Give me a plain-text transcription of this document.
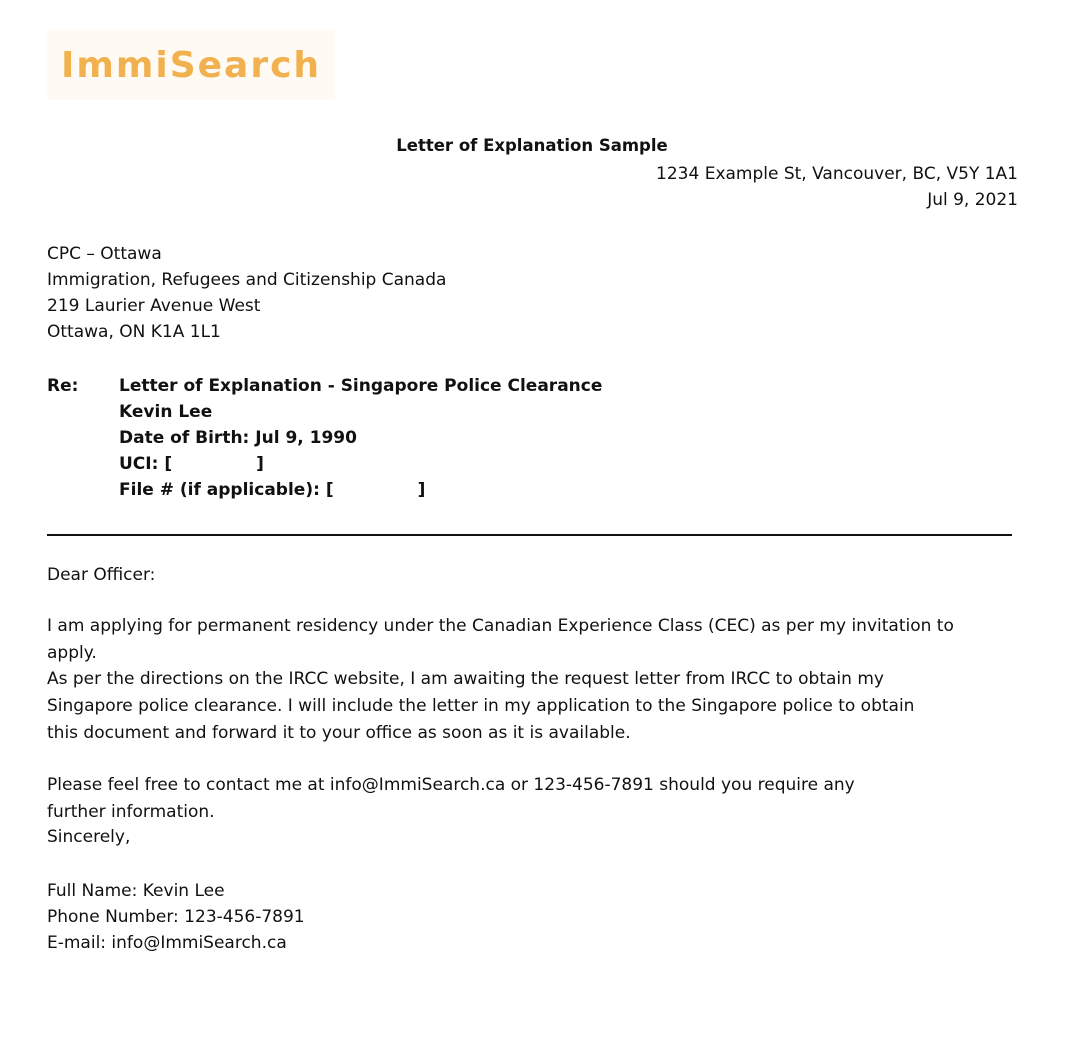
ImmiSearch
Letter of Explanation Sample
1234 Example St, Vancouver, BC, V5Y 1A1
Jul 9, 2021
CPC – Ottawa
Immigration, Refugees and Citizenship Canada
219 Laurier Avenue West
Ottawa, ON K1A 1L1
Re: Letter of Explanation - Singapore Police Clearance
Kevin Lee
Date of Birth: Jul 9, 1990
UCI: [	]
File # (if applicable): [	]
Dear Officer:
I am applying for permanent residency under the Canadian Experience Class (CEC) as per my invitation to apply.
As per the directions on the IRCC website, I am awaiting the request letter from IRCC to obtain my Singapore police clearance. I will include the letter in my application to the Singapore police to obtain this document and forward it to your office as soon as it is available.
Please feel free to contact me at info@ImmiSearch.ca or 123-456-7891 should you require any further information.
Sincerely,
Full Name: Kevin Lee
Phone Number: 123-456-7891
E-mail: info@ImmiSearch.ca
